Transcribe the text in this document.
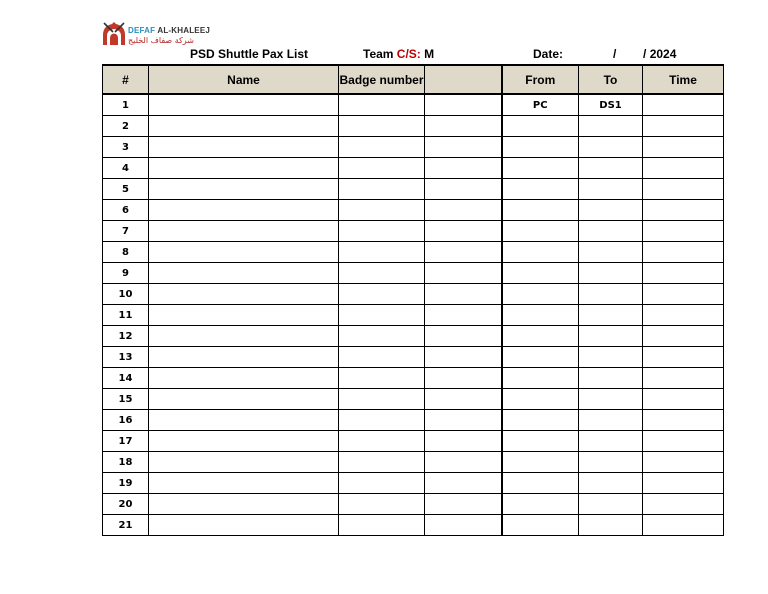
DEFAF AL-KHALEEJ
شركة صفاف الخليج
PSD Shuttle Pax List	Team C/S: M	Date:	/ / 2024
#	Name	Badge number		From	To	Time
1				PC	DS1	
2						
3						
4						
5						
6						
7						
8						
9						
10						
11						
12						
13						
14						
15						
16						
17						
18						
19						
20						
21						
